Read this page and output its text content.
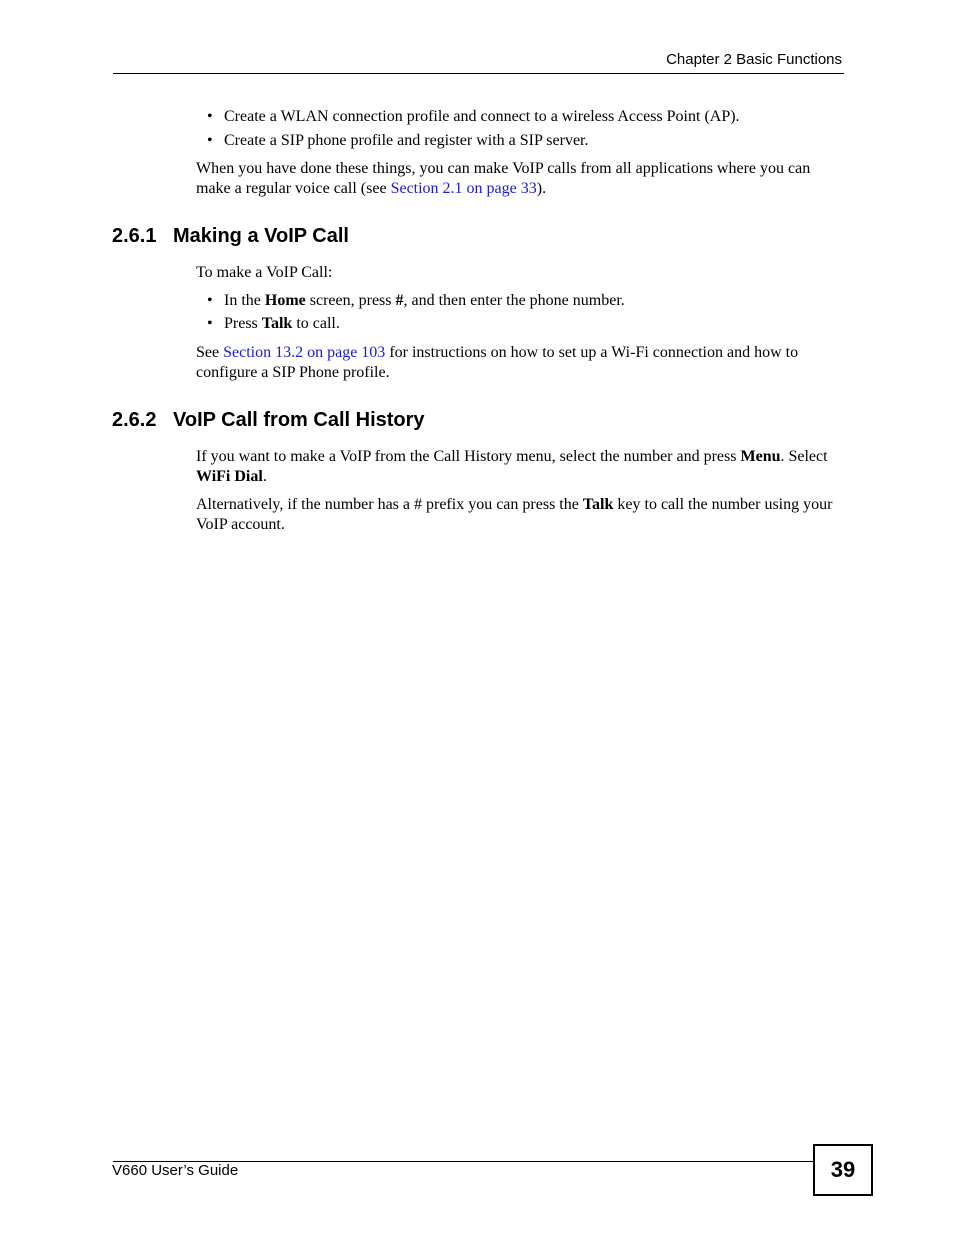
Chapter 2 Basic Functions
• Create a WLAN connection profile and connect to a wireless Access Point (AP).
• Create a SIP phone profile and register with a SIP server.
When you have done these things, you can make VoIP calls from all applications where you can make a regular voice call (see Section 2.1 on page 33).
2.6.1 Making a VoIP Call
To make a VoIP Call:
• In the Home screen, press #, and then enter the phone number.
• Press Talk to call.
See Section 13.2 on page 103 for instructions on how to set up a Wi-Fi connection and how to configure a SIP Phone profile.
2.6.2 VoIP Call from Call History
If you want to make a VoIP from the Call History menu, select the number and press Menu. Select WiFi Dial.
Alternatively, if the number has a # prefix you can press the Talk key to call the number using your VoIP account.
V660 User’s Guide	39
